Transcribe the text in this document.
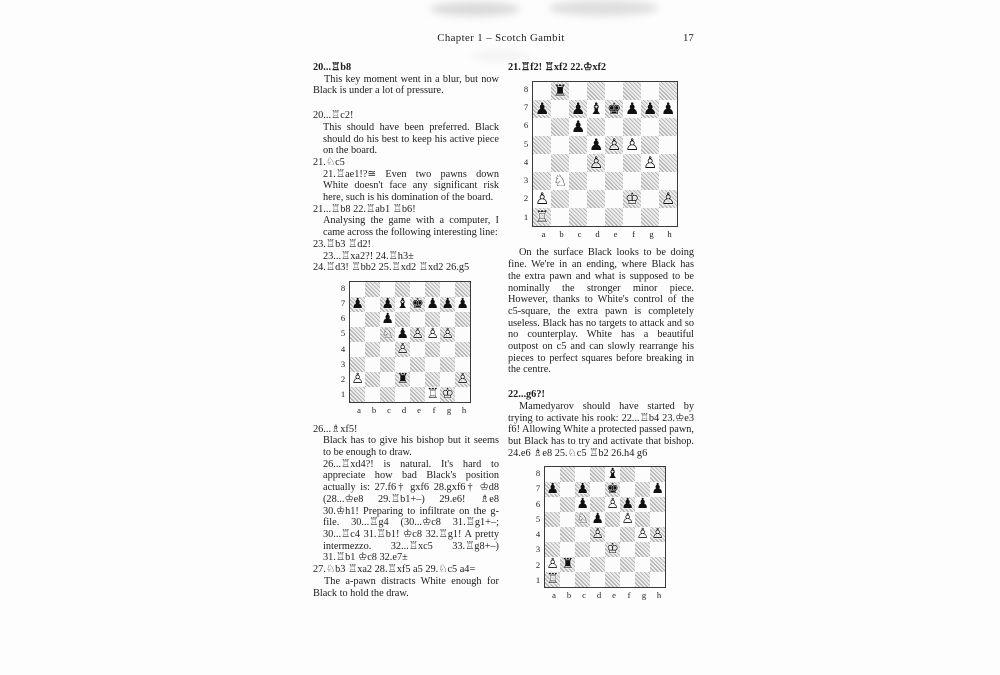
Chapter 1 – Scotch Gambit	17
20...♖b8

This key moment went in a blur, but now Black is under a lot of pressure.

20...♖c2!

This should have been preferred. Black should do his best to keep his active piece on the board.

21.♘c5

21.♖ae1!?≅ Even two pawns down White doesn't face any significant risk here, such is his domination of the board.

21...♖b8 22.♖ab1 ♖b6!

Analysing the game with a computer, I came across the following interesting line:

23.♖b3 ♖d2!

23...♖xa2?! 24.♖h3±

24.♖d3! ♖bb2 25.♖xd2 ♖xd2 26.g5
8
7
6
5
4
3
2
1
♟ ♟ ♝ ♚ ♟ ♟ ♟
♟
♘ ♟ ♙ ♙ ♙
♙
♙ ♜	♙
♖ ♔
a	b	c	d	e	f	g	h
26...♗xf5!

Black has to give his bishop but it seems to be enough to draw.

26...♖xd4?! is natural. It's hard to appreciate how bad Black's position actually is: 27.f6† gxf6 28.gxf6† ♔d8 (28...♔e8 29.♖b1+–) 29.e6! ♗e8 30.♔h1! Preparing to infiltrate on the g-file. 30...♖g4 (30...♔c8 31.♖g1+–; 30...♖c4 31.♖b1! ♔c8 32.♖g1! A pretty intermezzo. 32...♖xc5 33.♖g8+–) 31.♖b1 ♔c8 32.e7±

27.♘b3 ♖xa2 28.♖xf5 a5 29.♘c5 a4=

The a-pawn distracts White enough for Black to hold the draw.

21.♖f2! ♖xf2 22.♔xf2
8
7
6
5
4
3
2
1
♜
♟ ♟ ♝ ♚ ♟ ♟ ♟
♟
♟ ♙ ♙
♙ ♙
♘
♙	♔ ♙
♖
a	b	c	d	e	f	g	h

On the surface Black looks to be doing fine. We're in an ending, where Black has the extra pawn and what is supposed to be nominally the stronger minor piece. However, thanks to White's control of the c5-square, the extra pawn is completely useless. Black has no targets to attack and so no counterplay. White has a beautiful outpost on c5 and can slowly rearrange his pieces to perfect squares before breaking in the centre.

22...g6?!

Mamedyarov should have started by trying to activate his rook: 22...♖b4 23.♔e3 f6! Allowing White a protected passed pawn, but Black has to try and activate that bishop. 24.e6 ♗e8 25.♘c5 ♖b2 26.h4 g6

8
7
6
5
4
3
2
1
♝
♟ ♟ ♚ ♟
♟ ♙ ♟ ♟
♘ ♟ ♙
♙ ♙ ♙
♔
♙ ♜
♖
a	b	c	d	e	f	g	h
